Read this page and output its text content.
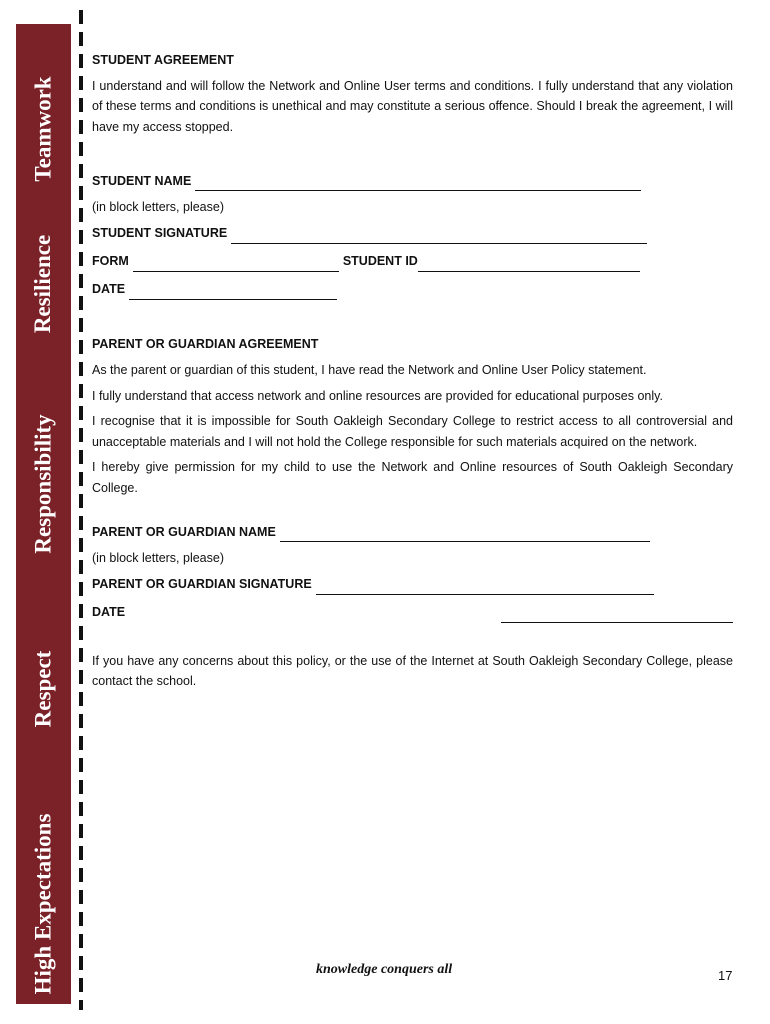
Teamwork
Resilience
Responsibility
Respect
High Expectations

STUDENT AGREEMENT

I understand and will follow the Network and Online User terms and conditions. I fully understand that any violation of these terms and conditions is unethical and may constitute a serious offence. Should I break the agreement, I will have my access stopped.

STUDENT NAME

(in block letters, please)

STUDENT SIGNATURE
FORM	STUDENT ID
DATE

PARENT OR GUARDIAN AGREEMENT

As the parent or guardian of this student, I have read the Network and Online User Policy statement.

I fully understand that access network and online resources are provided for educational purposes only.

I recognise that it is impossible for South Oakleigh Secondary College to restrict access to all controversial and unacceptable materials and I will not hold the College responsible for such materials acquired on the network.

I hereby give permission for my child to use the Network and Online resources of South Oakleigh Secondary College.

PARENT OR GUARDIAN NAME

(in block letters, please)

PARENT OR GUARDIAN SIGNATURE
DATE

If you have any concerns about this policy, or the use of the Internet at South Oakleigh Secondary College, please contact the school.

knowledge conquers all	17
